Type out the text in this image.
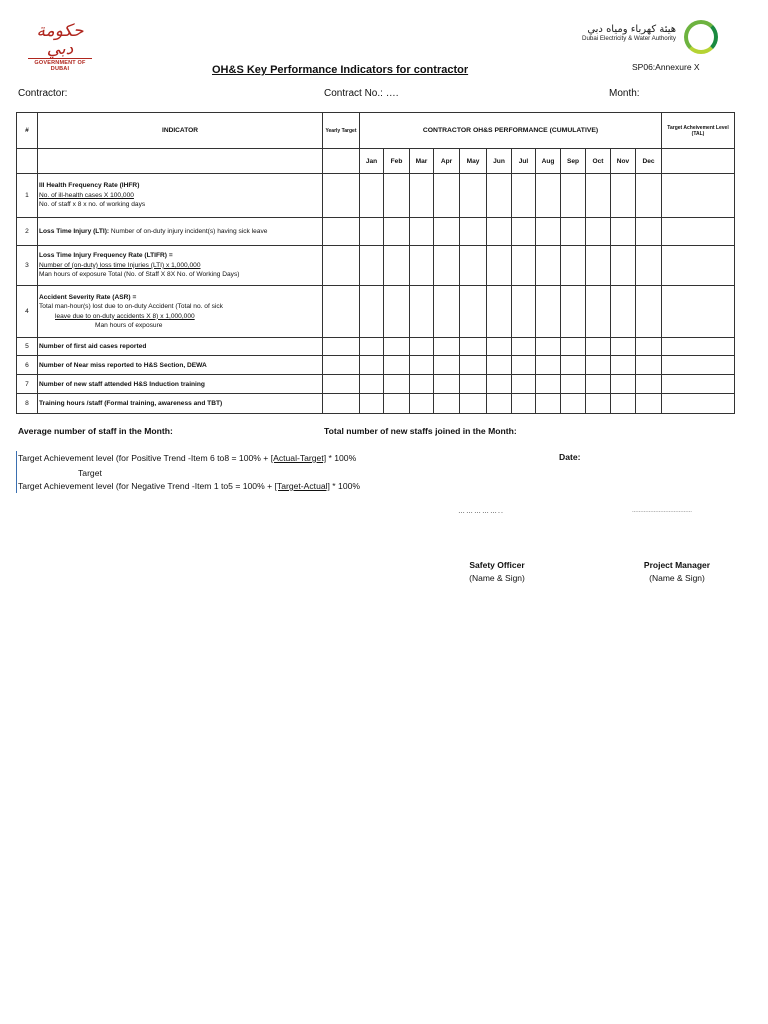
حكومة دبي
GOVERNMENT OF DUBAI
هيئة كهرباء ومياه دبي
Dubai Electricity & Water Authority
OH&S Key Performance Indicators for contractor	SP06:Annexure X
Contractor:	Contract No.: ….	Month:
#	INDICATOR	Yearly Target	CONTRACTOR OH&S PERFORMANCE (CUMULATIVE)												Target Acheivement Level (TAL)
			Jan	Feb	Mar	Apr	May	Jun	Jul	Aug	Sep	Oct	Nov	Dec	
1	Ill Health Frequency Rate (IHFR)
No. of ill-health cases X 100,000
No. of staff x 8 x no. of working days														

2	Loss Time Injury (LTI): Number of on-duty injury incident(s) having sick leave														
3	Loss Time Injury Frequency Rate (LTIFR) =
Number of (on-duty) loss time Injuries (LTI) x 1,000,000
Man hours of exposure Total (No. of Staff X 8X No. of Working Days)														

4	Accident Severity Rate (ASR) =
Total man-hour(s) lost due to on-duty Accident (Total no. of sick
leave due to on-duty accidents X 8) x 1,000,000
Man hours of exposure														

5	Number of first aid cases reported														
6	Number of Near miss reported to H&S Section, DEWA														
7	Number of new staff attended H&S Induction training														
8	Training hours /staff (Formal training, awareness and TBT)														
Average number of staff in the Month:	Total number of new staffs joined in the Month:
Target Achievement level (for Positive Trend -Item 6 to8 = 100% + [Actual-Target] * 100%
Target
Target Achievement level (for Negative Trend -Item 1 to5 = 100% + [Target-Actual] * 100%
Date:
……………..	………………………………
Safety Officer
(Name & Sign)
Project Manager
(Name & Sign)
